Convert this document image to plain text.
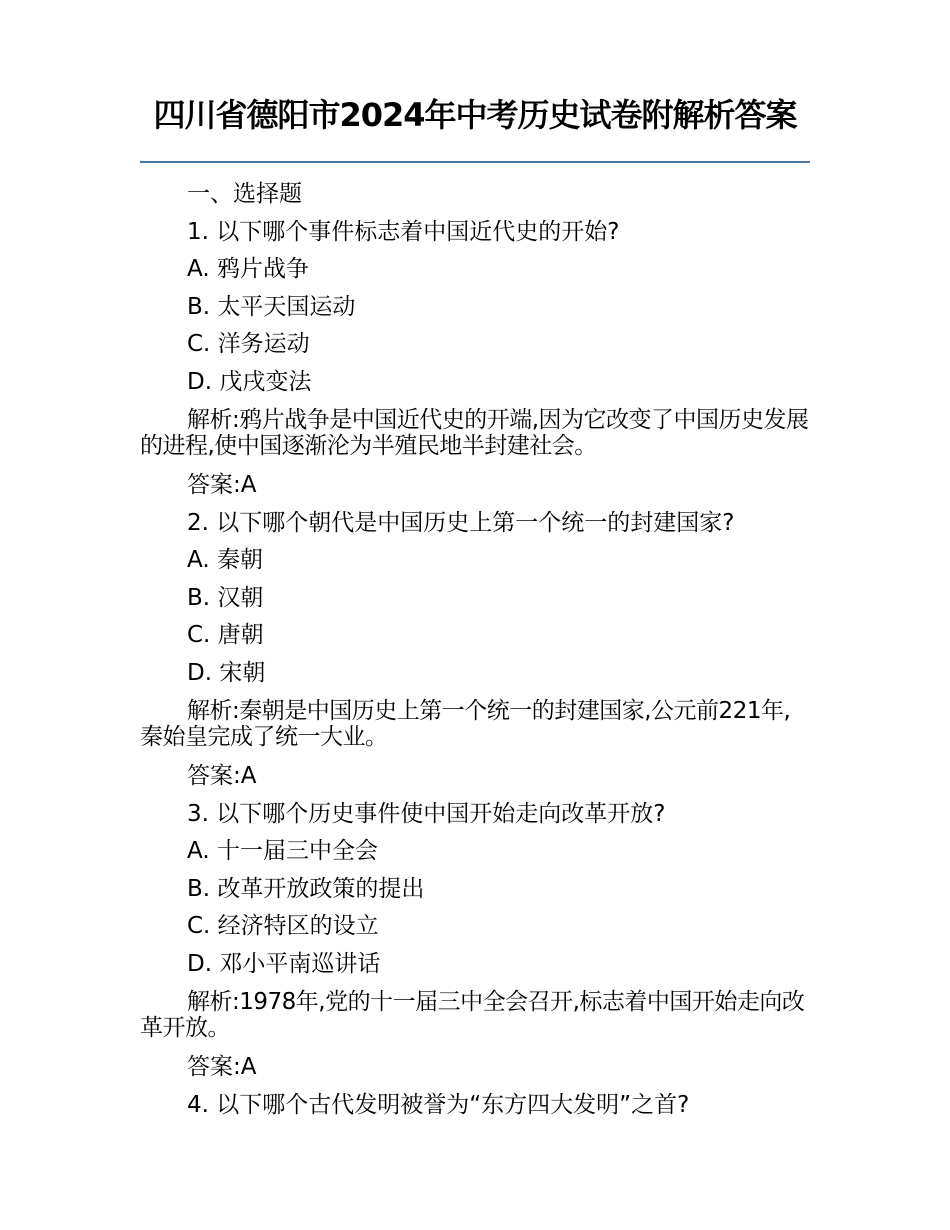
四川省德阳市2024年中考历史试卷附解析答案
一、选择题
1. 以下哪个事件标志着中国近代史的开始?
A. 鸦片战争
B. 太平天国运动
C. 洋务运动
D. 戊戌变法
解析:鸦片战争是中国近代史的开端,因为它改变了中国历史发展的进程,使中国逐渐沦为半殖民地半封建社会。
答案:A
2. 以下哪个朝代是中国历史上第一个统一的封建国家?
A. 秦朝
B. 汉朝
C. 唐朝
D. 宋朝
解析:秦朝是中国历史上第一个统一的封建国家,公元前221年,秦始皇完成了统一大业。
答案:A
3. 以下哪个历史事件使中国开始走向改革开放?
A. 十一届三中全会
B. 改革开放政策的提出
C. 经济特区的设立
D. 邓小平南巡讲话
解析:1978年,党的十一届三中全会召开,标志着中国开始走向改革开放。
答案:A
4. 以下哪个古代发明被誉为“东方四大发明”之首?
